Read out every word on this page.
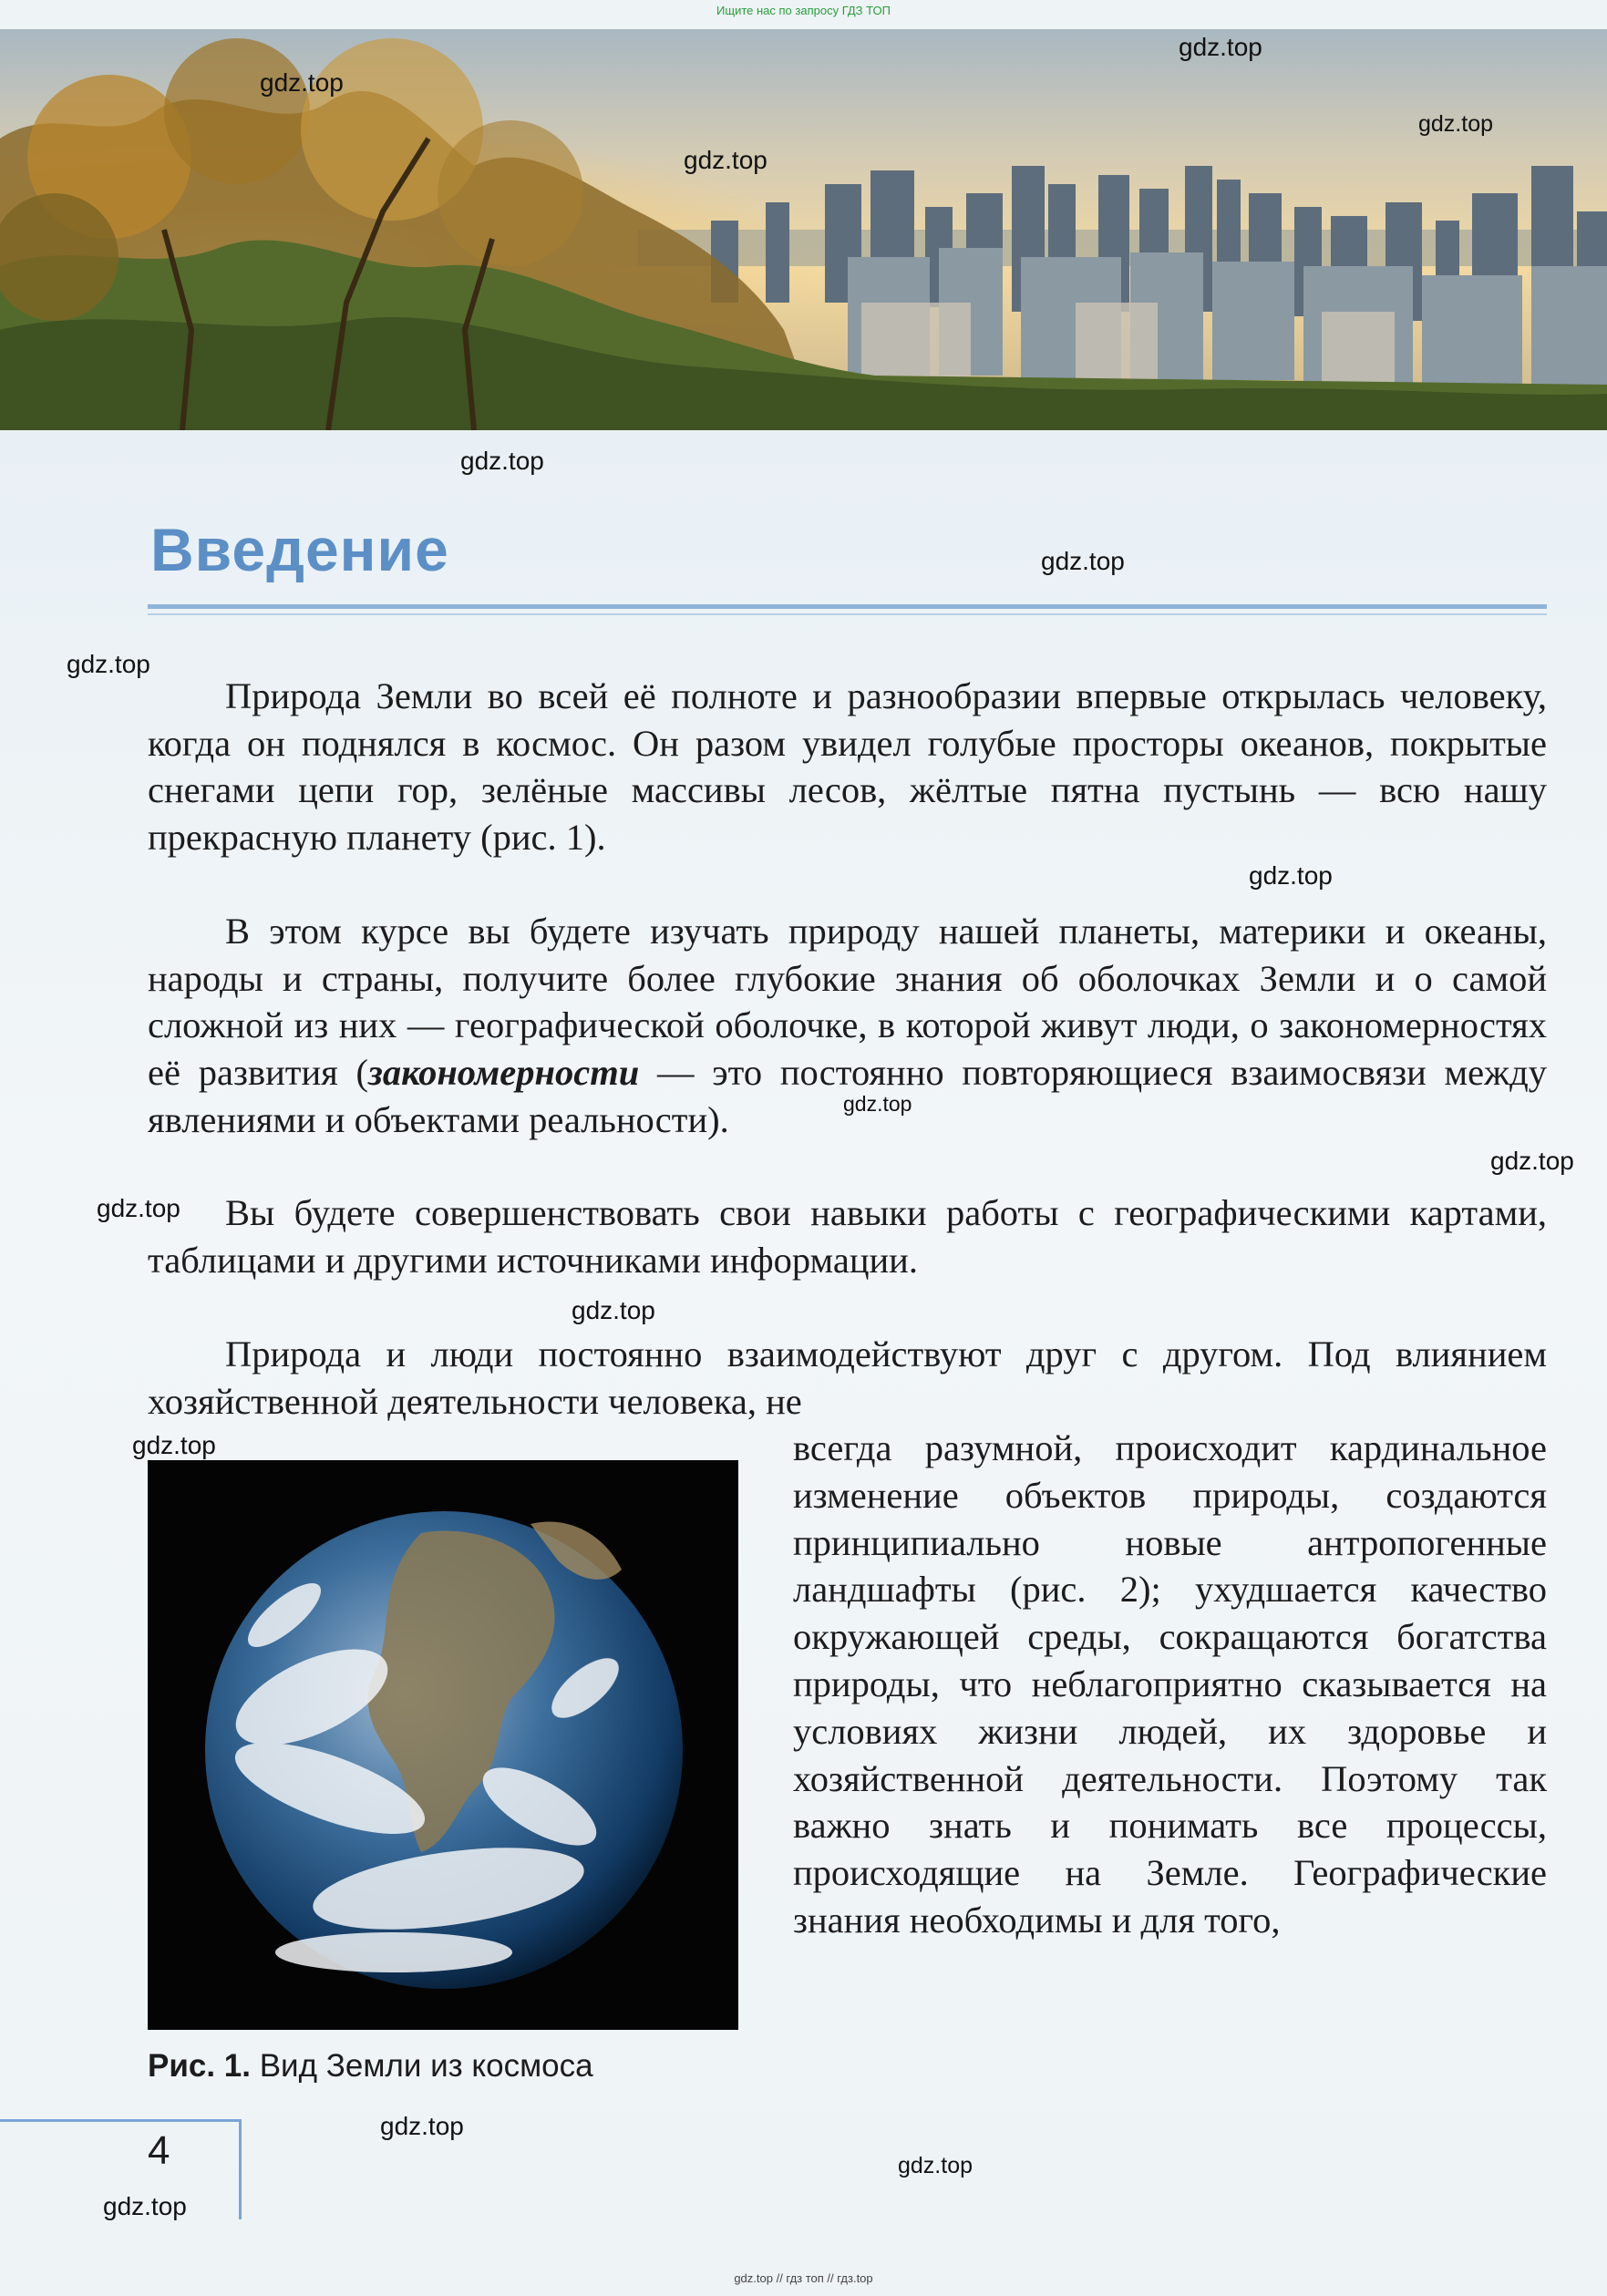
Ищите нас по запросу ГДЗ ТОП
Введение

Природа Земли во всей её полноте и разнообразии впервые открылась человеку, когда он поднялся в космос. Он разом увидел голубые просторы океанов, покрытые снегами цепи гор, зелёные массивы лесов, жёлтые пятна пустынь — всю нашу прекрасную планету (рис. 1).

В этом курсе вы будете изучать природу нашей планеты, материки и океаны, народы и страны, получите более глубокие знания об оболочках Земли и о самой сложной из них — географической оболочке, в которой живут люди, о закономерностях её развития (закономерности — это постоянно повторяющиеся взаимосвязи между явлениями и объектами реальности).

Вы будете совершенствовать свои навыки работы с географическими картами, таблицами и другими источниками информации.

Природа и люди постоянно взаимодействуют друг с другом. Под влиянием хозяйственной деятельности человека, не

всегда разумной, происходит кардинальное изменение объектов природы, создаются принципиально новые антропогенные ландшафты (рис. 2); ухудшается качество окружающей среды, сокращаются богатства природы, что неблагоприятно сказывается на условиях жизни людей, их здоровье и хозяйственной деятельности. Поэтому так важно знать и понимать все процессы, происходящие на Земле. Географические знания необходимы и для того,

Рис. 1. Вид Земли из космоса
4
gdz.top
gdz.top
gdz.top
gdz.top
gdz.top
gdz.top
gdz.top
gdz.top
gdz.top
gdz.top
gdz.top
gdz.top
gdz.top
gdz.top
gdz.top
gdz.top
gdz.top // гдз топ // гдз.top
